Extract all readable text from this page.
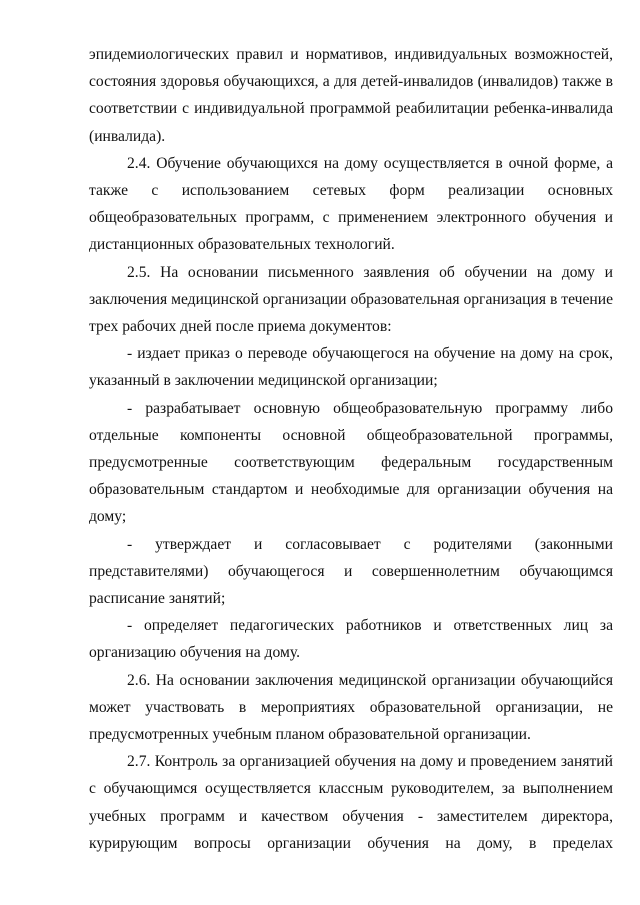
эпидемиологических правил и нормативов, индивидуальных возможностей, состояния здоровья обучающихся, а для детей-инвалидов (инвалидов) также в соответствии с индивидуальной программой реабилитации ребенка-инвалида (инвалида).

2.4. Обучение обучающихся на дому осуществляется в очной форме, а также с использованием сетевых форм реализации основных общеобразовательных программ, с применением электронного обучения и дистанционных образовательных технологий.

2.5. На основании письменного заявления об обучении на дому и заключения медицинской организации образовательная организация в течение трех рабочих дней после приема документов:

- издает приказ о переводе обучающегося на обучение на дому на срок, указанный в заключении медицинской организации;

- разрабатывает основную общеобразовательную программу либо отдельные компоненты основной общеобразовательной программы, предусмотренные соответствующим федеральным государственным образовательным стандартом и необходимые для организации обучения на дому;

- утверждает и согласовывает с родителями (законными представителями) обучающегося и совершеннолетним обучающимся расписание занятий;

- определяет педагогических работников и ответственных лиц за организацию обучения на дому.

2.6. На основании заключения медицинской организации обучающийся может участвовать в мероприятиях образовательной организации, не предусмотренных учебным планом образовательной организации.

2.7. Контроль за организацией обучения на дому и проведением занятий с обучающимся осуществляется классным руководителем, за выполнением учебных программ и качеством обучения - заместителем директора, курирующим вопросы организации обучения на дому, в пределах
